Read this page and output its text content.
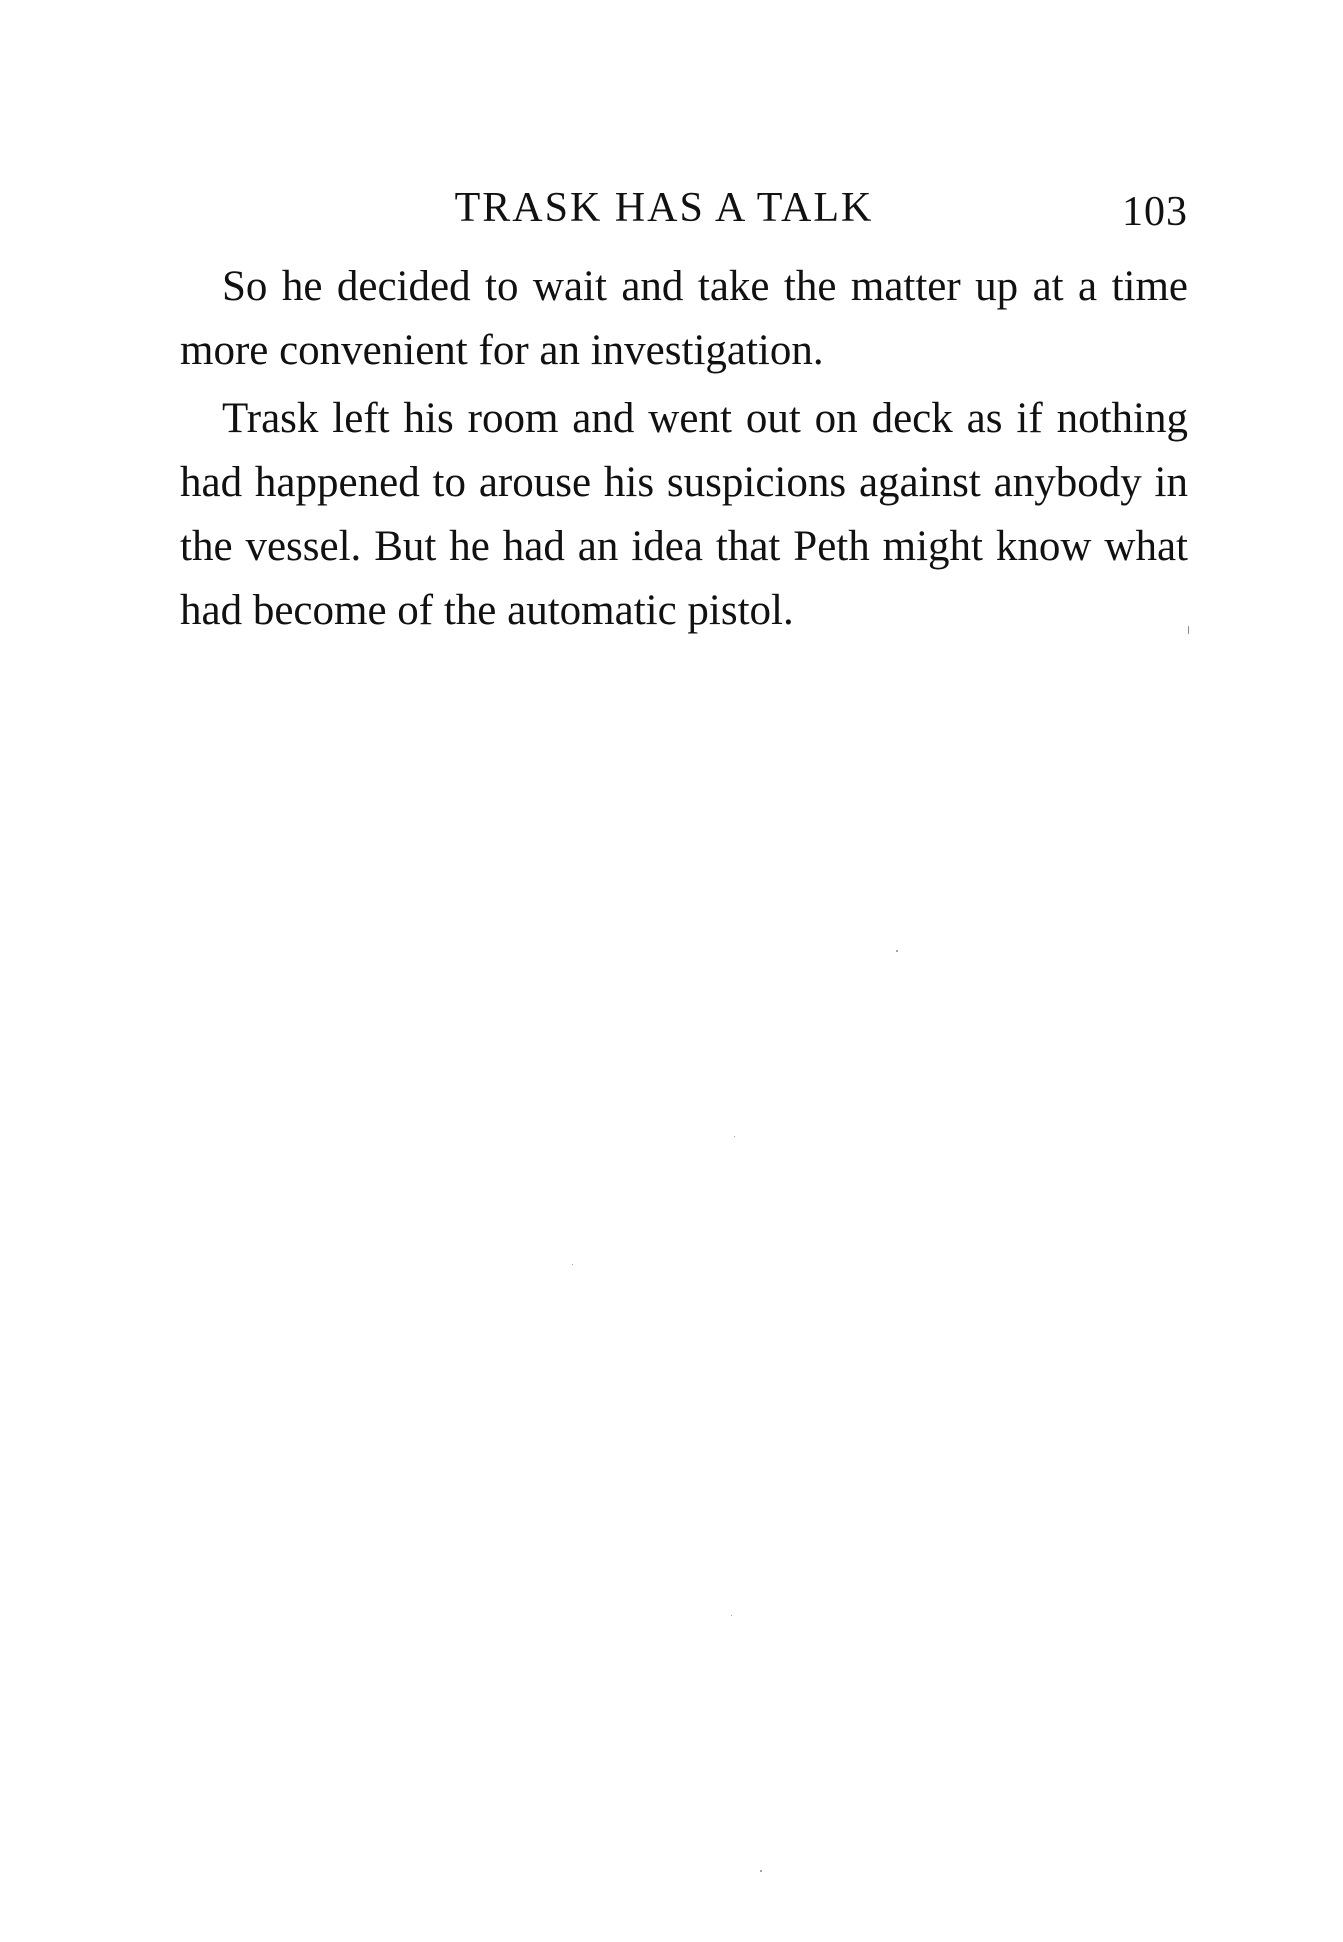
TRASK HAS A TALK	103

So he decided to wait and take the matter up at a time more convenient for an investigation.

Trask left his room and went out on deck as if nothing had happened to arouse his suspicions against anybody in the vessel. But he had an idea that Peth might know what had become of the automatic pistol.
